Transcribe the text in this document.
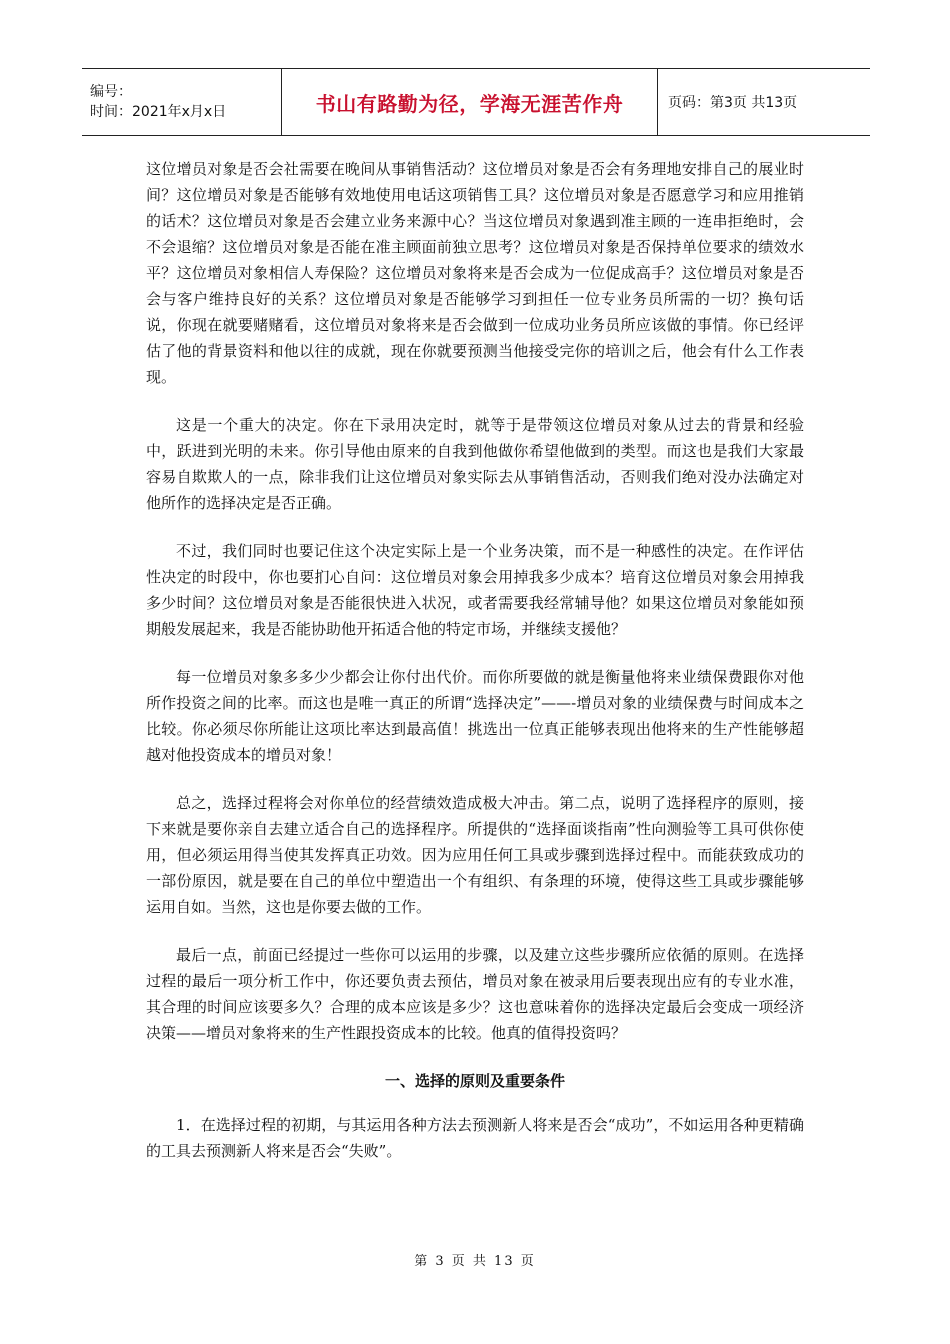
编号：
时间：2021年x月x日	书山有路勤为径，学海无涯苦作舟	页码：第3页 共13页

这位增员对象是否会社需要在晚间从事销售活动？这位增员对象是否会有务理地安排自己的展业时间？这位增员对象是否能够有效地使用电话这项销售工具？这位增员对象是否愿意学习和应用推销的话术？这位增员对象是否会建立业务来源中心？当这位增员对象遇到准主顾的一连串拒绝时，会不会退缩？这位增员对象是否能在准主顾面前独立思考？这位增员对象是否保持单位要求的绩效水平？这位增员对象相信人寿保险？这位增员对象将来是否会成为一位促成高手？这位增员对象是否会与客户维持良好的关系？这位增员对象是否能够学习到担任一位专业务员所需的一切？换句话说，你现在就要赌赌看，这位增员对象将来是否会做到一位成功业务员所应该做的事情。你已经评估了他的背景资料和他以往的成就，现在你就要预测当他接受完你的培训之后，他会有什么工作表现。

这是一个重大的决定。你在下录用决定时，就等于是带领这位增员对象从过去的背景和经验中，跃进到光明的未来。你引导他由原来的自我到他做你希望他做到的类型。而这也是我们大家最容易自欺欺人的一点，除非我们让这位增员对象实际去从事销售活动，否则我们绝对没办法确定对他所作的选择决定是否正确。

不过，我们同时也要记住这个决定实际上是一个业务决策，而不是一种感性的决定。在作评估性决定的时段中，你也要扪心自问：这位增员对象会用掉我多少成本？培育这位增员对象会用掉我多少时间？这位增员对象是否能很快进入状况，或者需要我经常辅导他？如果这位增员对象能如预期般发展起来，我是否能协助他开拓适合他的特定市场，并继续支援他？

每一位增员对象多多少少都会让你付出代价。而你所要做的就是衡量他将来业绩保费跟你对他所作投资之间的比率。而这也是唯一真正的所谓“选择决定”——-增员对象的业绩保费与时间成本之比较。你必须尽你所能让这项比率达到最高值！挑选出一位真正能够表现出他将来的生产性能够超越对他投资成本的增员对象！

总之，选择过程将会对你单位的经营绩效造成极大冲击。第二点，说明了选择程序的原则，接下来就是要你亲自去建立适合自己的选择程序。所提供的“选择面谈指南”性向测验等工具可供你使用，但必须运用得当使其发挥真正功效。因为应用任何工具或步骤到选择过程中。而能获致成功的一部份原因，就是要在自己的单位中塑造出一个有组织、有条理的环境，使得这些工具或步骤能够运用自如。当然，这也是你要去做的工作。

最后一点，前面已经提过一些你可以运用的步骤，以及建立这些步骤所应依循的原则。在选择过程的最后一项分析工作中，你还要负责去预估，增员对象在被录用后要表现出应有的专业水准，其合理的时间应该要多久？合理的成本应该是多少？这也意味着你的选择决定最后会变成一项经济决策——增员对象将来的生产性跟投资成本的比较。他真的值得投资吗？

一、选择的原则及重要条件

1．在选择过程的初期，与其运用各种方法去预测新人将来是否会“成功”，不如运用各种更精确的工具去预测新人将来是否会“失败”。

第 3 页 共 13 页
